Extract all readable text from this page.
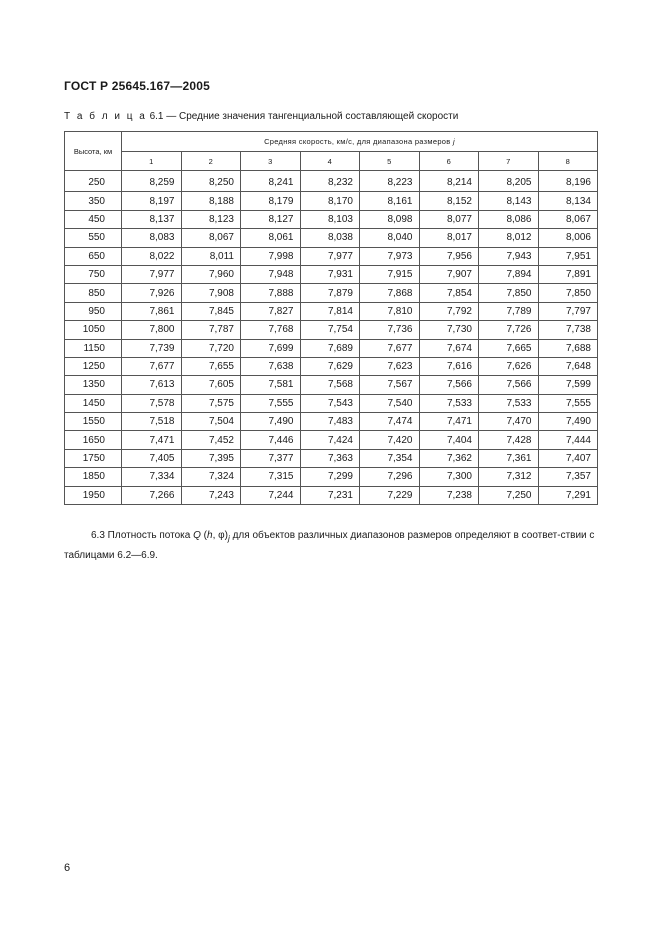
ГОСТ Р 25645.167—2005
Т а б л и ц а 6.1 — Средние значения тангенциальной составляющей скорости
Высота, км	Средняя скорость, км/с, для диапазона размеров j							
	1	2	3	4	5	6	7	8
250	8,259	8,250	8,241	8,232	8,223	8,214	8,205	8,196
350	8,197	8,188	8,179	8,170	8,161	8,152	8,143	8,134
450	8,137	8,123	8,127	8,103	8,098	8,077	8,086	8,067
550	8,083	8,067	8,061	8,038	8,040	8,017	8,012	8,006
650	8,022	8,011	7,998	7,977	7,973	7,956	7,943	7,951
750	7,977	7,960	7,948	7,931	7,915	7,907	7,894	7,891
850	7,926	7,908	7,888	7,879	7,868	7,854	7,850	7,850
950	7,861	7,845	7,827	7,814	7,810	7,792	7,789	7,797
1050	7,800	7,787	7,768	7,754	7,736	7,730	7,726	7,738
1150	7,739	7,720	7,699	7,689	7,677	7,674	7,665	7,688
1250	7,677	7,655	7,638	7,629	7,623	7,616	7,626	7,648
1350	7,613	7,605	7,581	7,568	7,567	7,566	7,566	7,599
1450	7,578	7,575	7,555	7,543	7,540	7,533	7,533	7,555
1550	7,518	7,504	7,490	7,483	7,474	7,471	7,470	7,490
1650	7,471	7,452	7,446	7,424	7,420	7,404	7,428	7,444
1750	7,405	7,395	7,377	7,363	7,354	7,362	7,361	7,407
1850	7,334	7,324	7,315	7,299	7,296	7,300	7,312	7,357
1950	7,266	7,243	7,244	7,231	7,229	7,238	7,250	7,291
6.3 Плотность потока Q (h, $\varphi)_j$ для объектов различных диапазонов размеров определяют в соответ-ствии с таблицами 6.2—6.9.
6
